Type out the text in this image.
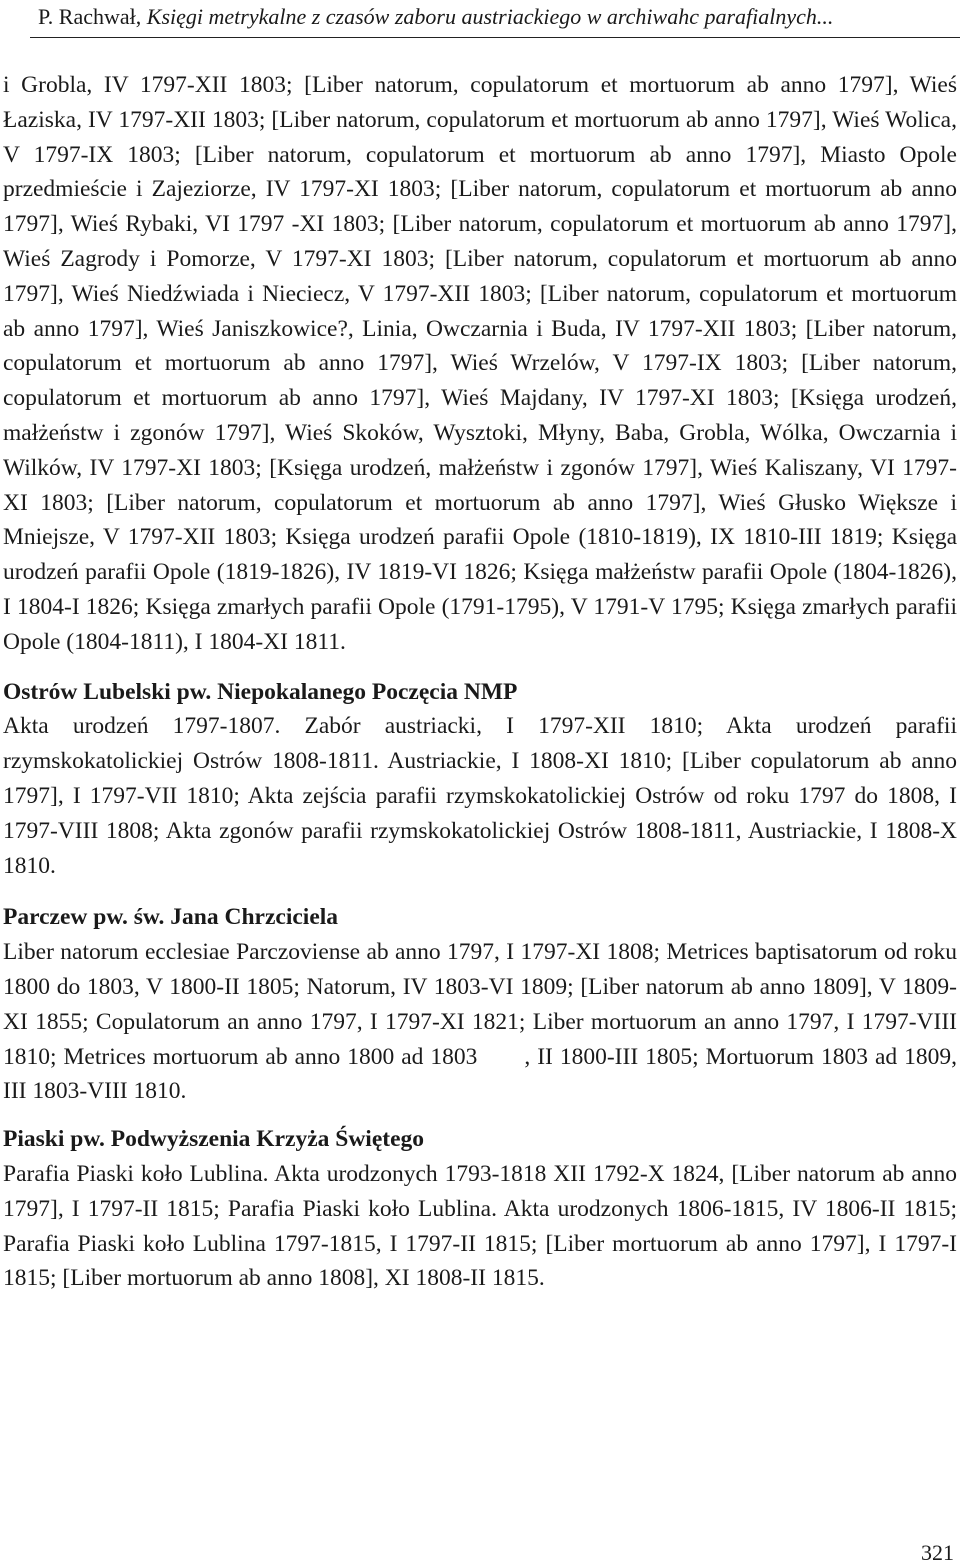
P. Rachwał, Księgi metrykalne z czasów zaboru austriackiego w archiwahc parafialnych...

i Grobla, IV 1797-XII 1803; [Liber natorum, copulatorum et mortuorum ab anno 1797], Wieś Łaziska, IV 1797-XII 1803; [Liber natorum, copulatorum et mortuorum ab anno 1797], Wieś Wolica, V 1797-IX 1803; [Liber natorum, copulatorum et mortuorum ab anno 1797], Miasto Opole przedmieście i Zajeziorze, IV 1797-XI 1803; [Liber natorum, copulatorum et mortuorum ab anno 1797], Wieś Rybaki, VI 1797 -XI 1803; [Liber natorum, copulatorum et mortuorum ab anno 1797], Wieś Zagrody i Pomorze, V 1797-XI 1803; [Liber natorum, copulatorum et mortuorum ab anno 1797], Wieś Niedźwiada i Nieciecz, V 1797-XII 1803; [Liber natorum, copulatorum et mortuorum ab anno 1797], Wieś Janiszkowice?, Linia, Owczarnia i Buda, IV 1797-XII 1803; [Liber natorum, copulatorum et mortuorum ab anno 1797], Wieś Wrzelów, V 1797-IX 1803; [Liber natorum, copulatorum et mortuorum ab anno 1797], Wieś Majdany, IV 1797-XI 1803; [Księga urodzeń, małżeństw i zgonów 1797], Wieś Skoków, Wysztoki, Młyny, Baba, Grobla, Wólka, Owczarnia i Wilków, IV 1797-XI 1803; [Księga urodzeń, małżeństw i zgonów 1797], Wieś Kaliszany, VI 1797-XI 1803; [Liber natorum, copulatorum et mortuorum ab anno 1797], Wieś Głusko Większe i Mniejsze, V 1797-XII 1803; Księga urodzeń parafii Opole (1810-1819), IX 1810-III 1819; Księga urodzeń parafii Opole (1819-1826), IV 1819-VI 1826; Księga małżeństw parafii Opole (1804-1826), I 1804-I 1826; Księga zmarłych parafii Opole (1791-1795), V 1791-V 1795; Księga zmarłych parafii Opole (1804-1811), I 1804-XI 1811.

Ostrów Lubelski pw. Niepokalanego Poczęcia NMP

Akta urodzeń 1797-1807. Zabór austriacki, I 1797-XII 1810; Akta urodzeń parafii rzymskokatolickiej Ostrów 1808-1811. Austriackie, I 1808-XI 1810; [Liber copulatorum ab anno 1797], I 1797-VII 1810; Akta zejścia parafii rzymskokatolickiej Ostrów od roku 1797 do 1808, I 1797-VIII 1808; Akta zgonów parafii rzymskokatolickiej Ostrów 1808-1811, Austriackie, I 1808-X 1810.

Parczew pw. św. Jana Chrzciciela

Liber natorum ecclesiae Parczoviense ab anno 1797, I 1797-XI 1808; Metrices baptisatorum od roku 1800 do 1803, V 1800-II 1805; Natorum, IV 1803-VI 1809; [Liber natorum ab anno 1809], V 1809-XI 1855; Copulatorum an anno 1797, I 1797-XI 1821; Liber mortuorum an anno 1797, I 1797-VIII 1810; Metrices mortuorum ab anno 1800 ad 1803  , II 1800-III 1805; Mortuorum 1803 ad 1809, III 1803-VIII 1810.

Piaski pw. Podwyższenia Krzyża Świętego

Parafia Piaski koło Lublina. Akta urodzonych 1793-1818 XII 1792-X 1824, [Liber natorum ab anno 1797], I 1797-II 1815; Parafia Piaski koło Lublina. Akta urodzonych 1806-1815, IV 1806-II 1815; Parafia Piaski koło Lublina 1797-1815, I 1797-II 1815; [Liber mortuorum ab anno 1797], I 1797-I 1815; [Liber mortuorum ab anno 1808], XI 1808-II 1815.

321
